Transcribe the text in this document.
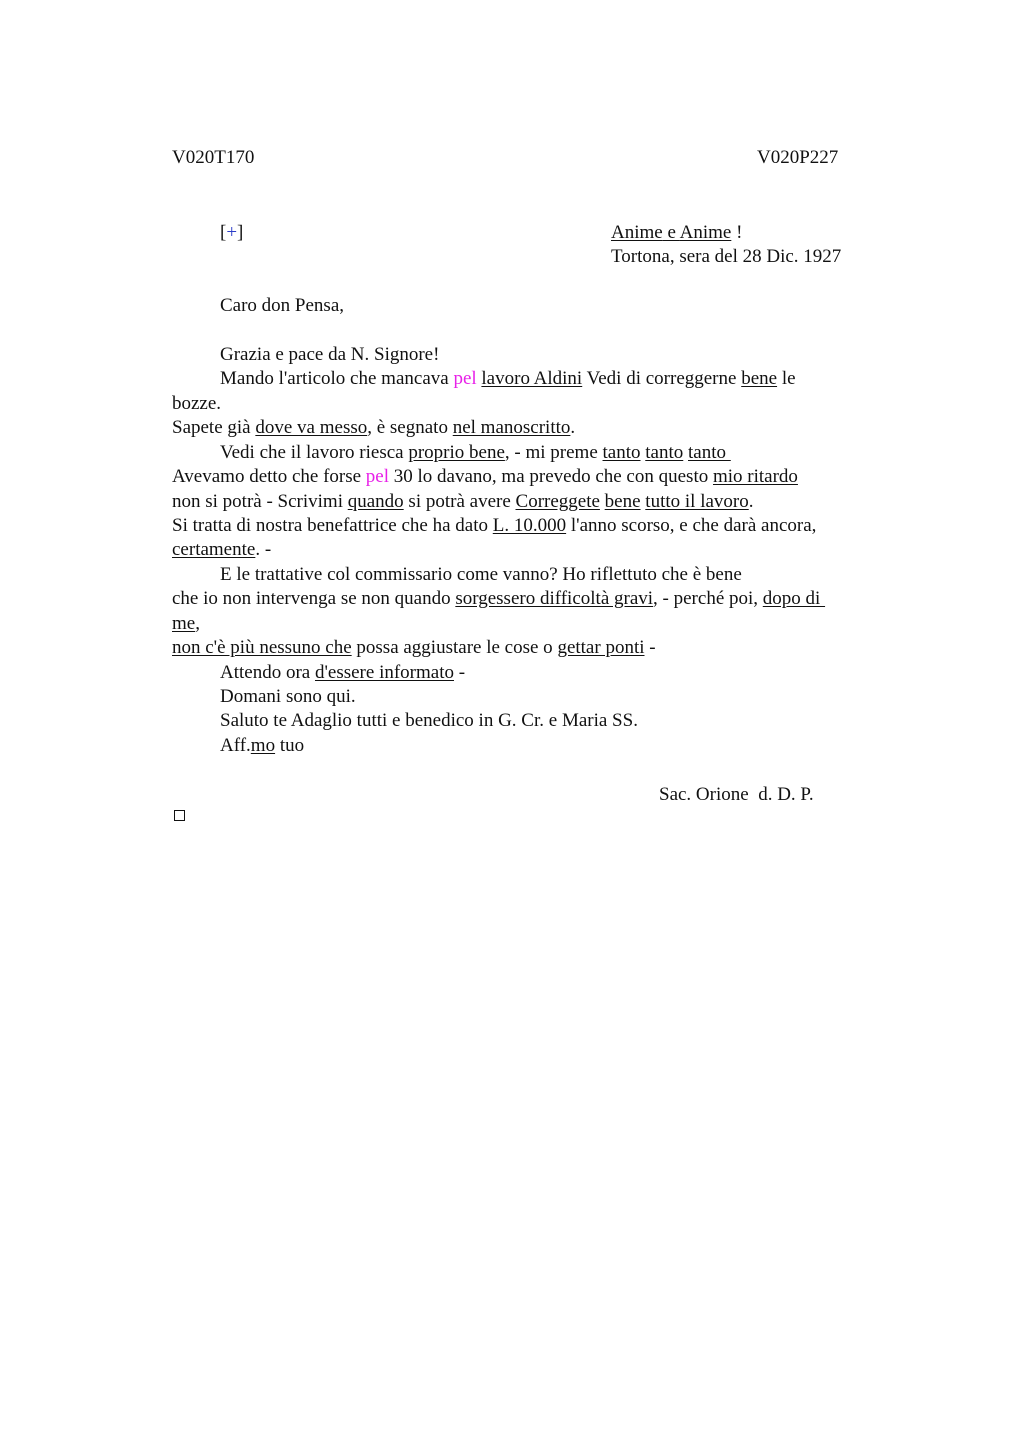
V020T170	V020P227
[+]	Anime e Anime !
Tortona, sera del 28 Dic. 1927
Caro don Pensa,
Grazia e pace da N. Signore!
Mando l'articolo che mancava pel lavoro Aldini Vedi di correggerne bene le
bozze.
Sapete già dove va messo, è segnato nel manoscritto.
Vedi che il lavoro riesca proprio bene, - mi preme tanto tanto tanto
Avevamo detto che forse pel 30 lo davano, ma prevedo che con questo mio ritardo
non si potrà - Scrivimi quando si potrà avere Correggete bene tutto il lavoro.
Si tratta di nostra benefattrice che ha dato L. 10.000 l'anno scorso, e che darà ancora,
certamente. -
E le trattative col commissario come vanno? Ho riflettuto che è bene
che io non intervenga se non quando sorgessero difficoltà gravi, - perché poi, dopo di
me,
non c'è più nessuno che possa aggiustare le cose o gettar ponti -
Attendo ora d'essere informato -
Domani sono qui.
Saluto te Adaglio tutti e benedico in G. Cr. e Maria SS.
Aff.mo tuo
Sac. Orione  d. D. P.
